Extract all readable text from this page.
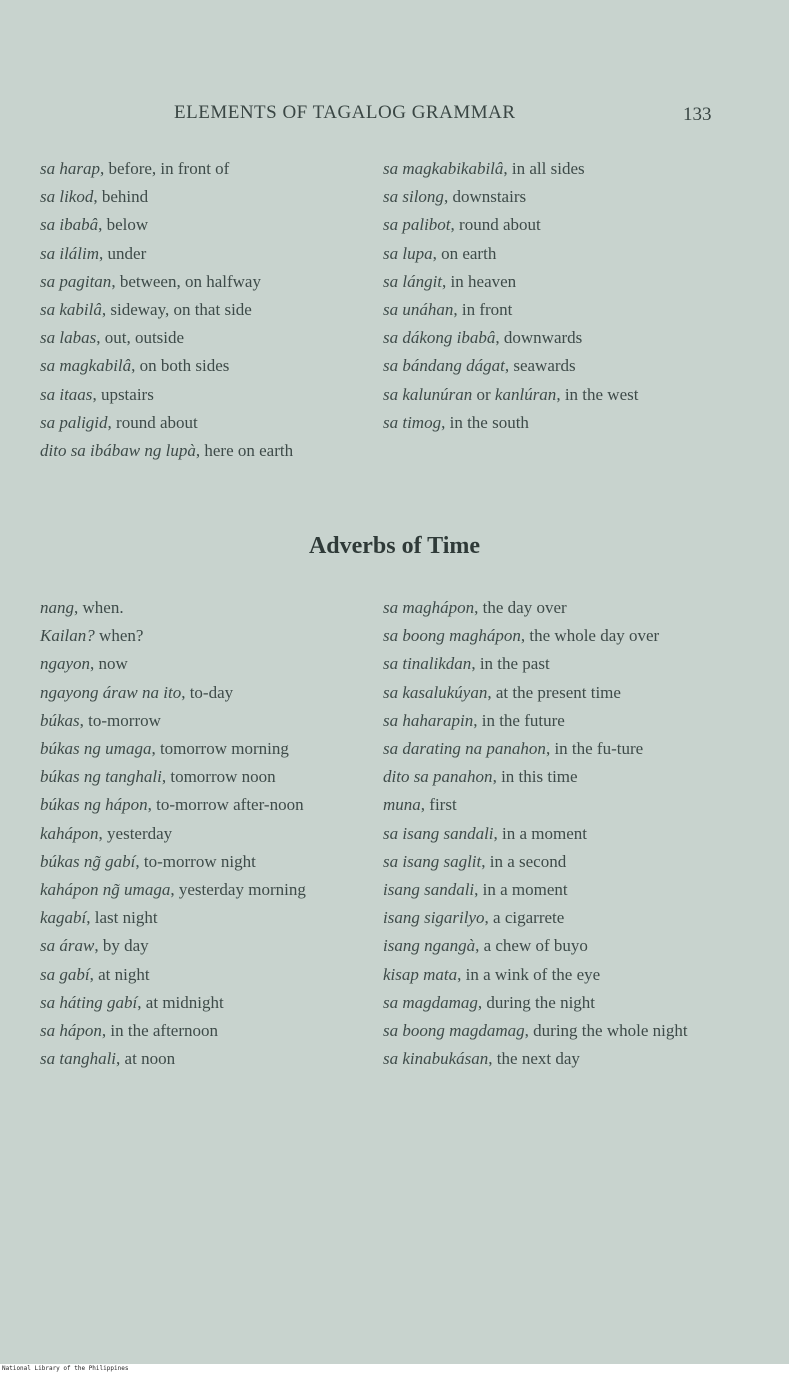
ELEMENTS OF TAGALOG GRAMMAR	133

sa harap, before, in front of

sa likod, behind

sa ibabâ, below

sa ilálim, under

sa pagitan, between, on halfway

sa kabilâ, sideway, on that side

sa labas, out, outside

sa magkabilâ, on both sides

sa itaas, upstairs

sa paligid, round about

dito sa ibábaw ng lupà, here on earth

sa magkabikabilâ, in all sides

sa silong, downstairs

sa palibot, round about

sa lupa, on earth

sa lángit, in heaven

sa unáhan, in front

sa dákong ibabâ, downwards

sa bándang dágat, seawards

sa kalunúran or kanlúran, in the west

sa timog, in the south

Adverbs of Time

nang, when.

Kailan? when?

ngayon, now

ngayong áraw na ito, to-day

búkas, to-morrow

búkas ng umaga, tomorrow morning

búkas ng tanghali, tomorrow noon

búkas ng hápon, to-morrow after-noon

kahápon, yesterday

búkas ng̃ gabí, to-morrow night

kahápon ng̃ umaga, yesterday morning

kagabí, last night

sa áraw, by day

sa gabí, at night

sa háting gabí, at midnight

sa hápon, in the afternoon

sa tanghali, at noon

sa maghápon, the day over

sa boong maghápon, the whole day over

sa tinalikdan, in the past

sa kasalukúyan, at the present time

sa haharapin, in the future

sa darating na panahon, in the fu-ture

dito sa panahon, in this time

muna, first

sa isang sandali, in a moment

sa isang saglit, in a second

isang sandali, in a moment

isang sigarilyo, a cigarrete

isang ngangà, a chew of buyo

kisap mata, in a wink of the eye

sa magdamag, during the night

sa boong magdamag, during the whole night

sa kinabukásan, the next day

National Library of the Philippines
